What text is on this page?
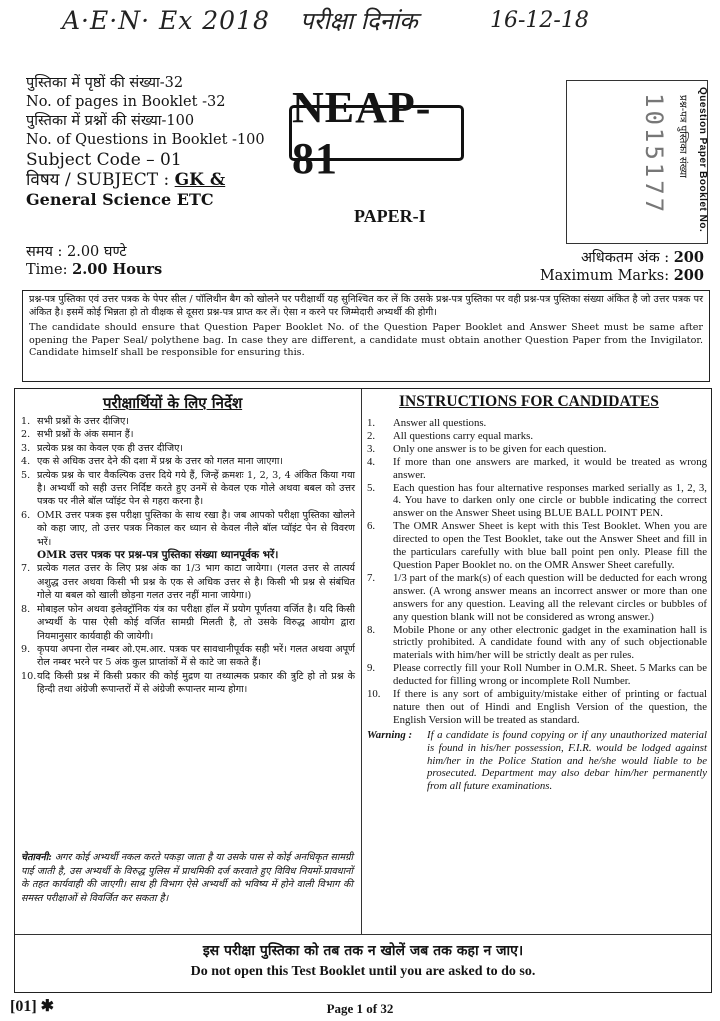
A·E·N· Ex 2018 परीक्षा दिनांक	16-12-18
पुस्तिका में पृष्ठों की संख्या-32
No. of pages in Booklet -32
पुस्तिका में प्रश्नों की संख्या-100
No. of Questions in Booklet -100
Subject Code – 01
विषय / SUBJECT : GK &
General Science ETC
NEAP-81
PAPER-I	Question Paper Booklet No.
प्रश्न-पत्र पुस्तिका संख्या
1015177
समय : 2.00 घण्टे
Time: 2.00 Hours
अधिकतम अंक : 200
Maximum Marks: 200

प्रश्न-पत्र पुस्तिका एवं उत्तर पत्रक के पेपर सील / पॉलिथीन बैग को खोलने पर परीक्षार्थी यह सुनिश्चित कर लें कि उसके प्रश्न-पत्र पुस्तिका पर वही प्रश्न-पत्र पुस्तिका संख्या अंकित है जो उत्तर पत्रक पर अंकित है। इसमें कोई भिन्नता हो तो वीक्षक से दूसरा प्रश्न-पत्र प्राप्त कर लें। ऐसा न करने पर जिम्मेदारी अभ्यर्थी की होगी।

The candidate should ensure that Question Paper Booklet No. of the Question Paper Booklet and Answer Sheet must be same after opening the Paper Seal/ polythene bag. In case they are different, a candidate must obtain another Question Paper from the Invigilator. Candidate himself shall be responsible for ensuring this.

परीक्षार्थियों के लिए निर्देश	INSTRUCTIONS FOR CANDIDATES
1. सभी प्रश्नों के उत्तर दीजिए।
2. सभी प्रश्नों के अंक समान हैं।
3. प्रत्येक प्रश्न का केवल एक ही उत्तर दीजिए।
4. एक से अधिक उत्तर देने की दशा में प्रश्न के उत्तर को गलत माना जाएगा।
5. प्रत्येक प्रश्न के चार वैकल्पिक उत्तर दिये गये हैं, जिन्हें क्रमशः 1, 2, 3, 4 अंकित किया गया है। अभ्यर्थी को सही उत्तर निर्दिष्ट करते हुए उनमें से केवल एक गोले अथवा बबल को उत्तर पत्रक पर नीले बॉल प्वॉइंट पेन से गहरा करना है।
6. OMR उत्तर पत्रक इस परीक्षा पुस्तिका के साथ रखा है। जब आपको परीक्षा पुस्तिका खोलने को कहा जाए, तो उत्तर पत्रक निकाल कर ध्यान से केवल नीले बॉल प्वॉइंट पेन से विवरण भरें।
OMR उत्तर पत्रक पर प्रश्न-पत्र पुस्तिका संख्या ध्यानपूर्वक भरें।
7. प्रत्येक गलत उत्तर के लिए प्रश्न अंक का 1/3 भाग काटा जायेगा। (गलत उत्तर से तात्पर्य अशुद्ध उत्तर अथवा किसी भी प्रश्न के एक से अधिक उत्तर से है। किसी भी प्रश्न से संबंधित गोले या बबल को खाली छोड़ना गलत उत्तर नहीं माना जायेगा।)
8. मोबाइल फोन अथवा इलेक्ट्रॉनिक यंत्र का परीक्षा हॉल में प्रयोग पूर्णतया वर्जित है। यदि किसी अभ्यर्थी के पास ऐसी कोई वर्जित सामग्री मिलती है, तो उसके विरुद्ध आयोग द्वारा नियमानुसार कार्यवाही की जायेगी।
9. कृपया अपना रोल नम्बर ओ.एम.आर. पत्रक पर सावधानीपूर्वक सही भरें। गलत अथवा अपूर्ण रोल नम्बर भरने पर 5 अंक कुल प्राप्तांकों में से काटे जा सकते हैं।
10. यदि किसी प्रश्न में किसी प्रकार की कोई मुद्रण या तथ्यात्मक प्रकार की त्रुटि हो तो प्रश्न के हिन्दी तथा अंग्रेजी रूपान्तरों में से अंग्रेजी रूपान्तर मान्य होगा।
चेतावनी: अगर कोई अभ्यर्थी नकल करते पकड़ा जाता है या उसके पास से कोई अनधिकृत सामग्री पाई जाती है, उस अभ्यर्थी के विरुद्ध पुलिस में प्राथमिकी दर्ज करवाते हुए विविध नियमों-प्रावधानों के तहत कार्यवाही की जाएगी। साथ ही विभाग ऐसे अभ्यर्थी को भविष्य में होने वाली विभाग की समस्त परीक्षाओं से विवर्जित कर सकता है।
1.	Answer all questions.
2.	All questions carry equal marks.
3.	Only one answer is to be given for each question.
4.	If more than one answers are marked, it would be treated as wrong answer.
5.	Each question has four alternative responses marked serially as 1, 2, 3, 4. You have to darken only one circle or bubble indicating the correct answer on the Answer Sheet using BLUE BALL POINT PEN.
6.	The OMR Answer Sheet is kept with this Test Booklet. When you are directed to open the Test Booklet, take out the Answer Sheet and fill in the particulars carefully with blue ball point pen only. Please fill the Question Paper Booklet no. on the OMR Answer Sheet carefully.
7.	1/3 part of the mark(s) of each question will be deducted for each wrong answer. (A wrong answer means an incorrect answer or more than one answers for any question. Leaving all the relevant circles or bubbles of any question blank will not be considered as wrong answer.)
8.	Mobile Phone or any other electronic gadget in the examination hall is strictly prohibited. A candidate found with any of such objectionable materials with him/her will be strictly dealt as per rules.
9.	Please correctly fill your Roll Number in O.M.R. Sheet. 5 Marks can be deducted for filling wrong or incomplete Roll Number.
10.	If there is any sort of ambiguity/mistake either of printing or factual nature then out of Hindi and English Version of the question, the English Version will be treated as standard.
Warning :	If a candidate is found copying or if any unauthorized material is found in his/her possession, F.I.R. would be lodged against him/her in the Police Station and he/she would liable to be prosecuted. Department may also debar him/her permanently from all future examinations.
इस परीक्षा पुस्तिका को तब तक न खोलें जब तक कहा न जाए।
Do not open this Test Booklet until you are asked to do so.
[01] ✱	Page 1 of 32
